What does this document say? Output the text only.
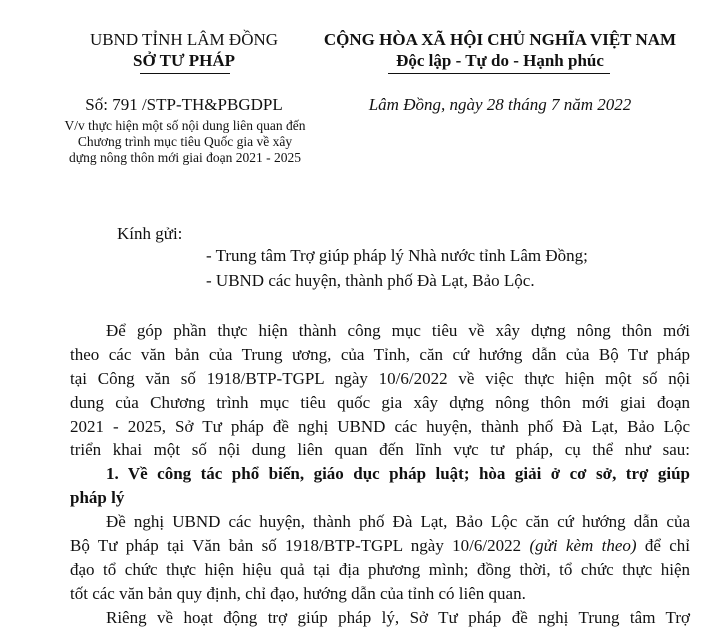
UBND TỈNH LÂM ĐỒNG
SỞ TƯ PHÁP
CỘNG HÒA XÃ HỘI CHỦ NGHĨA VIỆT NAM
Độc lập - Tự do - Hạnh phúc
Số: 791 /STP-TH&PBGDPL	Lâm Đồng, ngày 28 tháng 7 năm 2022
V/v thực hiện một số nội dung liên quan đến
Chương trình mục tiêu Quốc gia về xây
dựng nông thôn mới giai đoạn 2021 - 2025
Kính gửi:
- Trung tâm Trợ giúp pháp lý Nhà nước tỉnh Lâm Đồng;
- UBND các huyện, thành phố Đà Lạt, Bảo Lộc.
Để góp phần thực hiện thành công mục tiêu về xây dựng nông thôn mới
theo các văn bản của Trung ương, của Tỉnh, căn cứ hướng dẫn của Bộ Tư pháp
tại Công văn số 1918/BTP-TGPL ngày 10/6/2022 về việc thực hiện một số nội
dung của Chương trình mục tiêu quốc gia xây dựng nông thôn mới giai đoạn
2021 - 2025, Sở Tư pháp đề nghị UBND các huyện, thành phố Đà Lạt, Bảo Lộc
triển khai một số nội dung liên quan đến lĩnh vực tư pháp, cụ thể như sau:
1. Về công tác phổ biến, giáo dục pháp luật; hòa giải ở cơ sở, trợ giúp
pháp lý
Đề nghị UBND các huyện, thành phố Đà Lạt, Bảo Lộc căn cứ hướng dẫn của
Bộ Tư pháp tại Văn bản số 1918/BTP-TGPL ngày 10/6/2022 (gửi kèm theo) để chỉ
đạo tổ chức thực hiện hiệu quả tại địa phương mình; đồng thời, tổ chức thực hiện
tốt các văn bản quy định, chỉ đạo, hướng dẫn của tỉnh có liên quan.
Riêng về hoạt động trợ giúp pháp lý, Sở Tư pháp đề nghị Trung tâm Trợ
